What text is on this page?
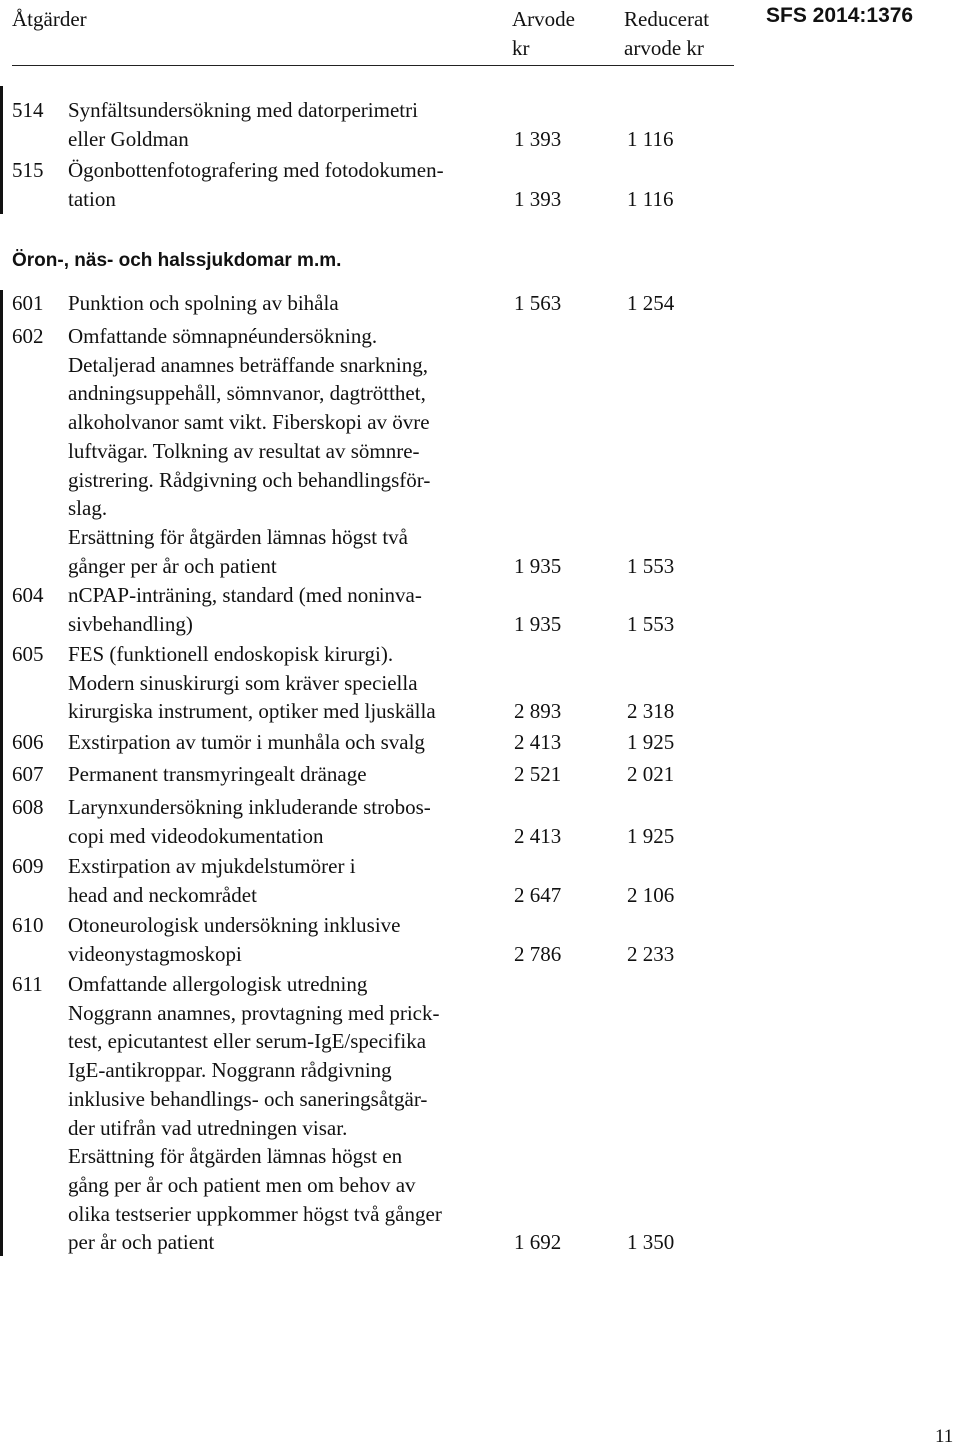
Åtgärder	Arvode
kr
Reducerat
arvode kr
SFS 2014:1376
514 Synfältsundersökning med datorperimetri
eller Goldman	1 393	1 116
515 Ögonbottenfotografering med fotodokumen-
tation	1 393	1 116
Öron-, näs- och halssjukdomar m.m.
601 Punktion och spolning av bihåla	1 563	1 254
602 Omfattande sömnapnéundersökning.
Detaljerad anamnes beträffande snarkning,
andningsuppehåll, sömnvanor, dagtrötthet,
alkoholvanor samt vikt. Fiberskopi av övre
luftvägar. Tolkning av resultat av sömnre-
gistrering. Rådgivning och behandlingsför-
slag.
Ersättning för åtgärden lämnas högst två
gånger per år och patient	1 935	1 553
604 nCPAP-inträning, standard (med noninva-
sivbehandling)	1 935	1 553
605 FES (funktionell endoskopisk kirurgi).
Modern sinuskirurgi som kräver speciella
kirurgiska instrument, optiker med ljuskälla	2 893	2 318
606 Exstirpation av tumör i munhåla och svalg	2 413	1 925
607 Permanent transmyringealt dränage	2 521	2 021
608 Larynxundersökning inkluderande strobos-
copi med videodokumentation	2 413	1 925
609 Exstirpation av mjukdelstumörer i
head and neckområdet	2 647	2 106
610 Otoneurologisk undersökning inklusive
videonystagmoskopi	2 786	2 233
611 Omfattande allergologisk utredning
Noggrann anamnes, provtagning med prick-
test, epicutantest eller serum-IgE/specifika
IgE-antikroppar. Noggrann rådgivning
inklusive behandlings- och saneringsåtgär-
der utifrån vad utredningen visar.
Ersättning för åtgärden lämnas högst en
gång per år och patient men om behov av
olika testserier uppkommer högst två gånger
per år och patient	1 692	1 350
11
